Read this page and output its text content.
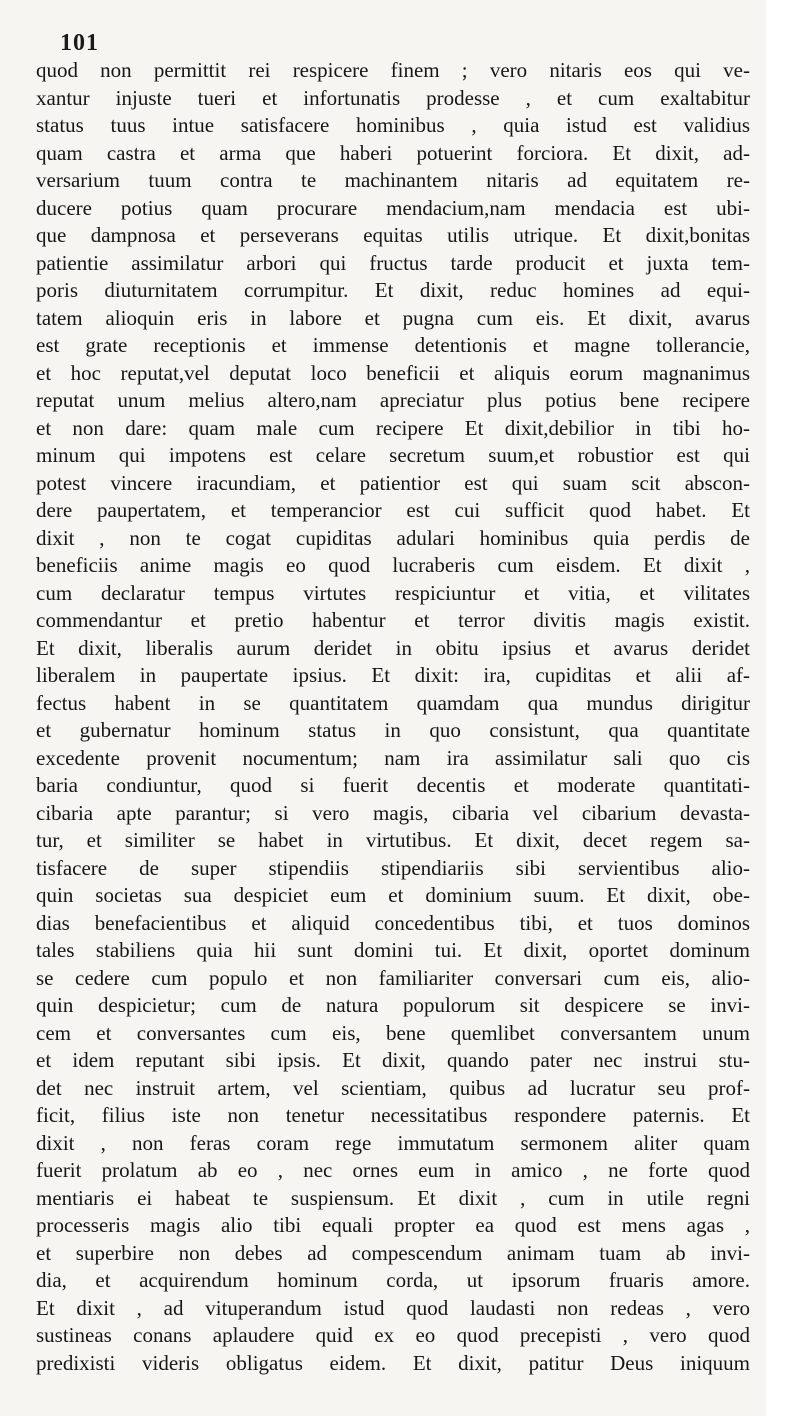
101
quod non permittit rei respicere finem ; vero nitaris eos qui ve-
xantur injuste tueri et infortunatis prodesse , et cum exaltabitur
status tuus intue satisfacere hominibus , quia istud est validius
quam castra et arma que haberi potuerint forciora. Et dixit, ad-
versarium tuum contra te machinantem nitaris ad equitatem re-
ducere potius quam procurare mendacium,nam mendacia est ubi-
que dampnosa et perseverans equitas utilis utrique. Et dixit,bonitas
patientie assimilatur arbori qui fructus tarde producit et juxta tem-
poris diuturnitatem corrumpitur. Et dixit, reduc homines ad equi-
tatem alioquin eris in labore et pugna cum eis. Et dixit, avarus
est grate receptionis et immense detentionis et magne tollerancie,
et hoc reputat,vel deputat loco beneficii et aliquis eorum magnanimus
reputat unum melius altero,nam apreciatur plus potius bene recipere
et non dare: quam male cum recipere Et dixit,debilior in tibi ho-
minum qui impotens est celare secretum suum,et robustior est qui
potest vincere iracundiam, et patientior est qui suam scit abscon-
dere paupertatem, et temperancior est cui sufficit quod habet. Et
dixit , non te cogat cupiditas adulari hominibus quia perdis de
beneficiis anime magis eo quod lucraberis cum eisdem. Et dixit ,
cum declaratur tempus virtutes respiciuntur et vitia, et vilitates
commendantur et pretio habentur et terror divitis magis existit.
Et dixit, liberalis aurum deridet in obitu ipsius et avarus deridet
liberalem in paupertate ipsius. Et dixit: ira, cupiditas et alii af-
fectus habent in se quantitatem quamdam qua mundus dirigitur
et gubernatur hominum status in quo consistunt, qua quantitate
excedente provenit nocumentum; nam ira assimilatur sali quo cis
baria condiuntur, quod si fuerit decentis et moderate quantitati-
cibaria apte parantur; si vero magis, cibaria vel cibarium devasta-
tur, et similiter se habet in virtutibus. Et dixit, decet regem sa-
tisfacere de super stipendiis stipendiariis sibi servientibus alio-
quin societas sua despiciet eum et dominium suum. Et dixit, obe-
dias benefacientibus et aliquid concedentibus tibi, et tuos dominos
tales stabiliens quia hii sunt domini tui. Et dixit, oportet dominum
se cedere cum populo et non familiariter conversari cum eis, alio-
quin despicietur; cum de natura populorum sit despicere se invi-
cem et conversantes cum eis, bene quemlibet conversantem unum
et idem reputant sibi ipsis. Et dixit, quando pater nec instrui stu-
det nec instruit artem, vel scientiam, quibus ad lucratur seu prof-
ficit, filius iste non tenetur necessitatibus respondere paternis. Et
dixit , non feras coram rege immutatum sermonem aliter quam
fuerit prolatum ab eo , nec ornes eum in amico , ne forte quod
mentiaris ei habeat te suspiensum. Et dixit , cum in utile regni
processeris magis alio tibi equali propter ea quod est mens agas ,
et superbire non debes ad compescendum animam tuam ab invi-
dia, et acquirendum hominum corda, ut ipsorum fruaris amore.
Et dixit , ad vituperandum istud quod laudasti non redeas , vero
sustineas conans aplaudere quid ex eo quod precepisti , vero quod
predixisti videris obligatus eidem. Et dixit, patitur Deus iniquum
